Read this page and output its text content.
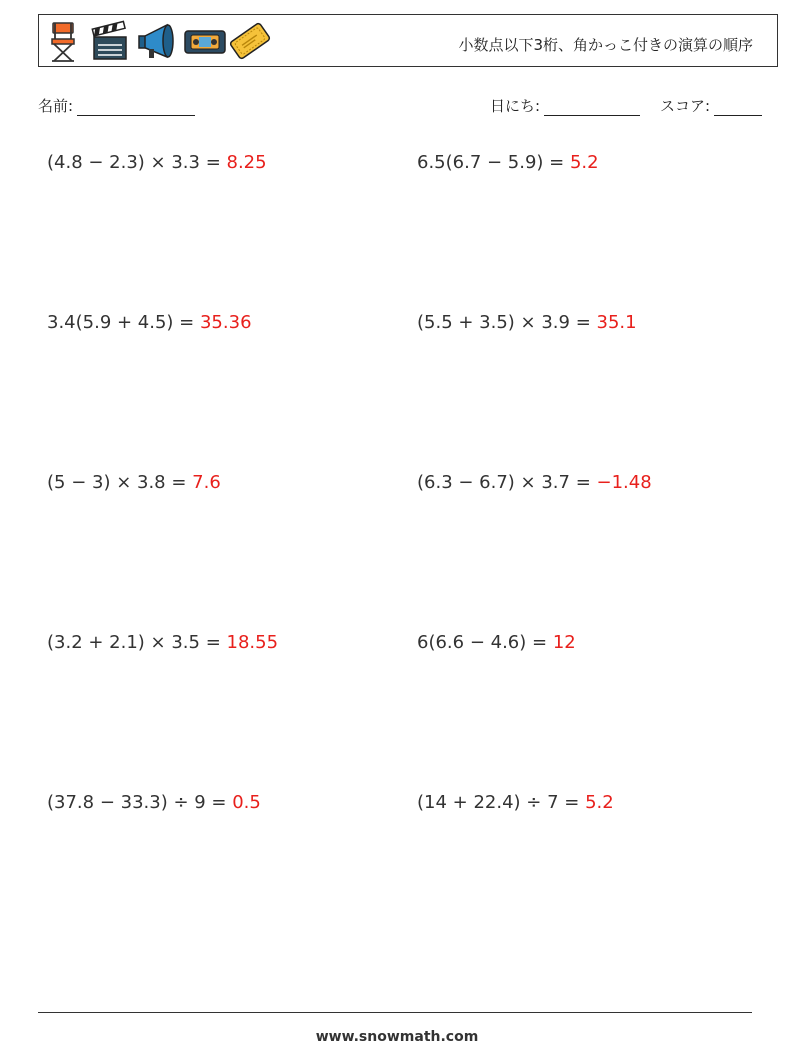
小数点以下3桁、角かっこ付きの演算の順序
名前:	日にち:	スコア:
(4.8 − 2.3) × 3.3 = 8.25	6.5(6.7 − 5.9) = 5.2
3.4(5.9 + 4.5) = 35.36	(5.5 + 3.5) × 3.9 = 35.1
(5 − 3) × 3.8 = 7.6	(6.3 − 6.7) × 3.7 = −1.48
(3.2 + 2.1) × 3.5 = 18.55	6(6.6 − 4.6) = 12
(37.8 − 33.3) ÷ 9 = 0.5	(14 + 22.4) ÷ 7 = 5.2
www.snowmath.com
